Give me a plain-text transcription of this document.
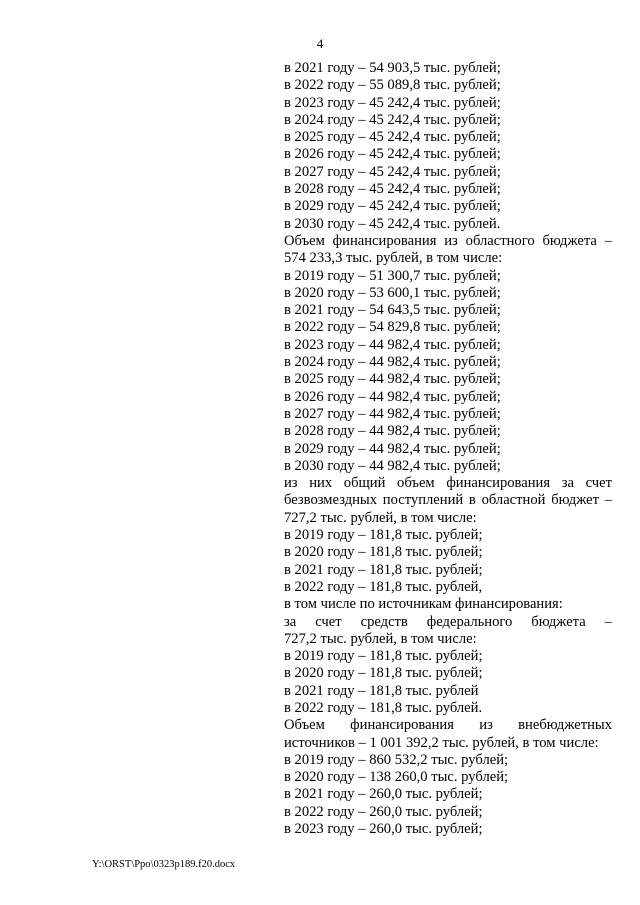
4
в 2021 году – 54 903,5 тыс. рублей;
в 2022 году – 55 089,8 тыс. рублей;
в 2023 году – 45 242,4 тыс. рублей;
в 2024 году – 45 242,4 тыс. рублей;
в 2025 году – 45 242,4 тыс. рублей;
в 2026 году – 45 242,4 тыс. рублей;
в 2027 году – 45 242,4 тыс. рублей;
в 2028 году – 45 242,4 тыс. рублей;
в 2029 году – 45 242,4 тыс. рублей;
в 2030 году – 45 242,4 тыс. рублей.
Объем финансирования из областного бюджета –
574 233,3 тыс. рублей, в том числе:
в 2019 году – 51 300,7 тыс. рублей;
в 2020 году – 53 600,1 тыс. рублей;
в 2021 году – 54 643,5 тыс. рублей;
в 2022 году – 54 829,8 тыс. рублей;
в 2023 году – 44 982,4 тыс. рублей;
в 2024 году – 44 982,4 тыс. рублей;
в 2025 году – 44 982,4 тыс. рублей;
в 2026 году – 44 982,4 тыс. рублей;
в 2027 году – 44 982,4 тыс. рублей;
в 2028 году – 44 982,4 тыс. рублей;
в 2029 году – 44 982,4 тыс. рублей;
в 2030 году – 44 982,4 тыс. рублей;
из них общий объем финансирования за счет
безвозмездных поступлений в областной бюджет –
727,2 тыс. рублей, в том числе:
в 2019 году – 181,8 тыс. рублей;
в 2020 году – 181,8 тыс. рублей;
в 2021 году – 181,8 тыс. рублей;
в 2022 году – 181,8 тыс. рублей,
в том числе по источникам финансирования:
за счет средств федерального бюджета –
727,2 тыс. рублей, в том числе:
в 2019 году – 181,8 тыс. рублей;
в 2020 году – 181,8 тыс. рублей;
в 2021 году – 181,8 тыс. рублей
в 2022 году – 181,8 тыс. рублей.
Объем финансирования из внебюджетных
источников – 1 001 392,2 тыс. рублей, в том числе:
в 2019 году – 860 532,2 тыс. рублей;
в 2020 году – 138 260,0 тыс. рублей;
в 2021 году – 260,0 тыс. рублей;
в 2022 году – 260,0 тыс. рублей;
в 2023 году – 260,0 тыс. рублей;
Y:\ORST\Ppo\0323p189.f20.docx
